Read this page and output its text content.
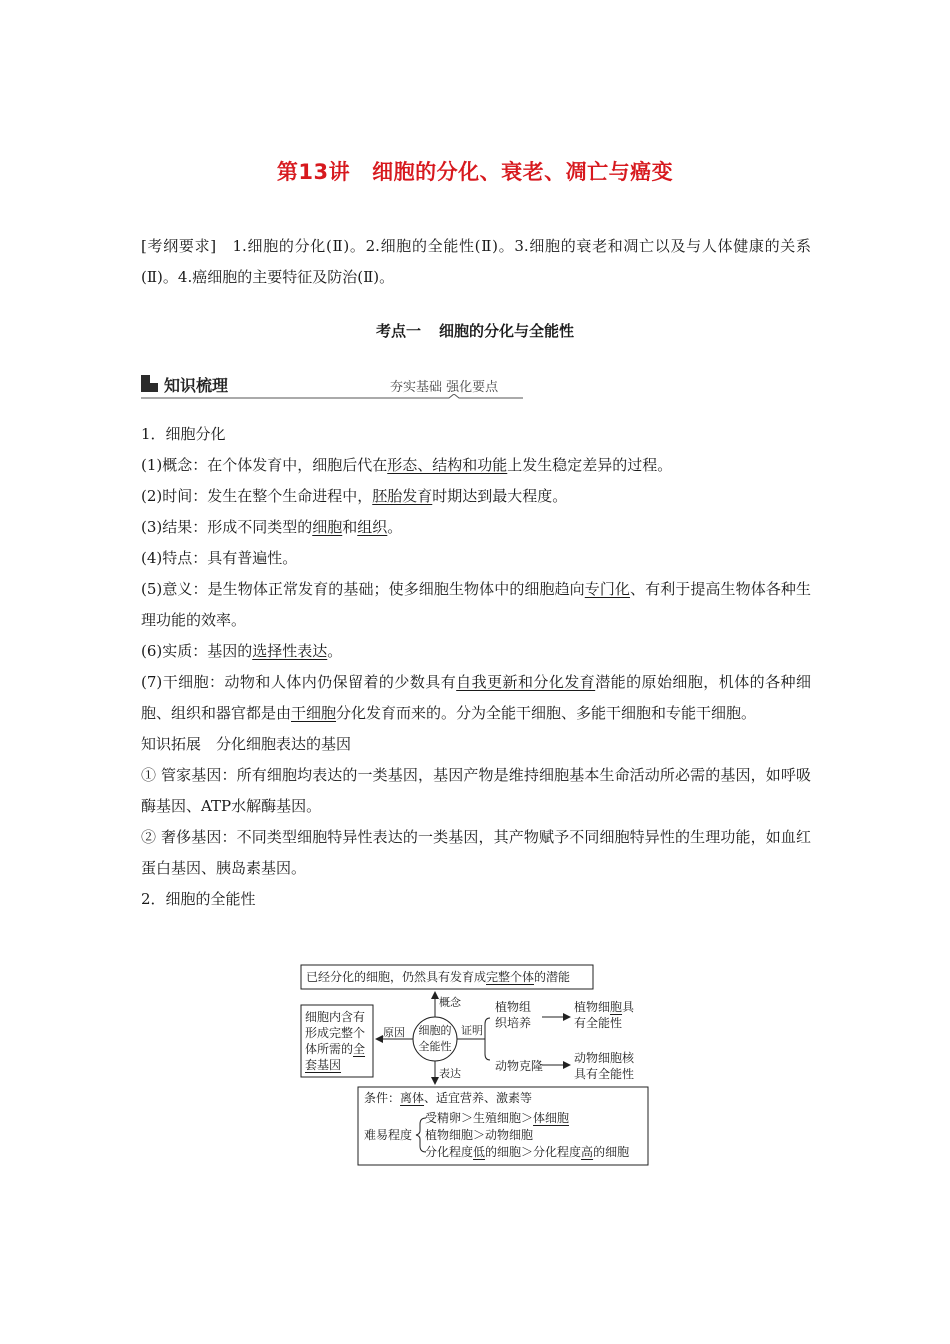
第13讲 细胞的分化、衰老、凋亡与癌变

[考纲要求]　 1.细胞的分化(Ⅱ)。2.细胞的全能性(Ⅱ)。3.细胞的衰老和凋亡以及与人体健康的关系(Ⅱ)。4.癌细胞的主要特征及防治(Ⅱ)。

考点一 细胞的分化与全能性
知识梳理	夯实基础 强化要点

1．细胞分化

(1)概念：在个体发育中，细胞后代在形态、结构和功能上发生稳定差异的过程。

(2)时间：发生在整个生命进程中，胚胎发育时期达到最大程度。

(3)结果：形成不同类型的细胞和组织。

(4)特点：具有普遍性。

(5)意义：是生物体正常发育的基础；使多细胞生物体中的细胞趋向专门化、有利于提高生物体各种生理功能的效率。

(6)实质：基因的选择性表达。

(7)干细胞：动物和人体内仍保留着的少数具有自我更新和分化发育潜能的原始细胞，机体的各种细胞、组织和器官都是由干细胞分化发育而来的。分为全能干细胞、多能干细胞和专能干细胞。

知识拓展　分化细胞表达的基因

① 管家基因：所有细胞均表达的一类基因，基因产物是维持细胞基本生命活动所必需的基因，如呼吸酶基因、ATP水解酶基因。

② 奢侈基因：不同类型细胞特异性表达的一类基因，其产物赋予不同细胞特异性的生理功能，如血红蛋白基因、胰岛素基因。

2．细胞的全能性

已经分化的细胞，仍然具有发育成完整个体的潜能
概念
细胞的
全能性
原因	证明
表达
细胞内含有
形成完整个
体所需的全
套基因
植物组
织培养
植物细胞具
有全能性
动物克隆
动物细胞核
具有全能性
条件：离体、适宜营养、激素等
难易程度
受精卵＞生殖细胞＞体细胞
植物细胞＞动物细胞
分化程度低的细胞＞分化程度高的细胞
